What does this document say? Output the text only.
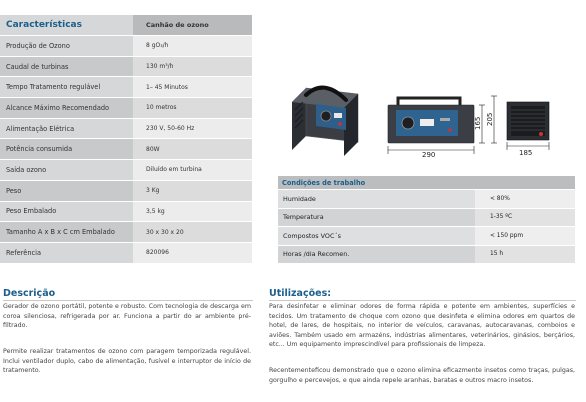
Características	Canhão de ozono
Produção de Ozono	8 gO₃/h
Caudal de turbinas	130 m³/h
Tempo Tratamento regulável	1– 45 Minutos
Alcance Máximo Recomendado	10 metros
Alimentação Elétrica	230 V, 50-60 Hz
Potência consumida	80W
Saída ozono	Diluído em turbina
Peso	3 Kg
Peso Embalado	3,5 kg
Tamanho A x B x C cm Embalado	30 x 30 x 20
Referência	820096
290
165 205
185
Condições de trabalho	
Humidade	< 80%
Temperatura	1-35 ºC
Compostos VOC´s	< 150 ppm
Horas /dia Recomen.	15 h
Descrição

Gerador de ozono portátil, potente e robusto. Com tecnologia de descarga em coroa silenciosa, refrigerada por ar. Funciona a partir do ar ambiente pré-filtrado.

Permite realizar tratamentos de ozono com paragem temporizada regulável. Inclui ventilador duplo, cabo de alimentação, fusível e interruptor de início de tratamento.

Utilizações:

Para desinfetar e eliminar odores de forma rápida e potente em ambientes, superfícies e tecidos. Um tratamento de choque com ozono que desinfeta e elimina odores em quartos de hotel, de lares, de hospitais, no interior de veículos, caravanas, autocaravanas, comboios e aviões. Também usado em armazéns, indústrias alimentares, veterinários, ginásios, berçários, etc... Um equipamento imprescindível para profissionais de limpeza.

Recentementeficou demonstrado que o ozono elimina eficazmente insetos como traças, pulgas, gorgulho e percevejos, e que ainda repele aranhas, baratas e outros macro insetos.
